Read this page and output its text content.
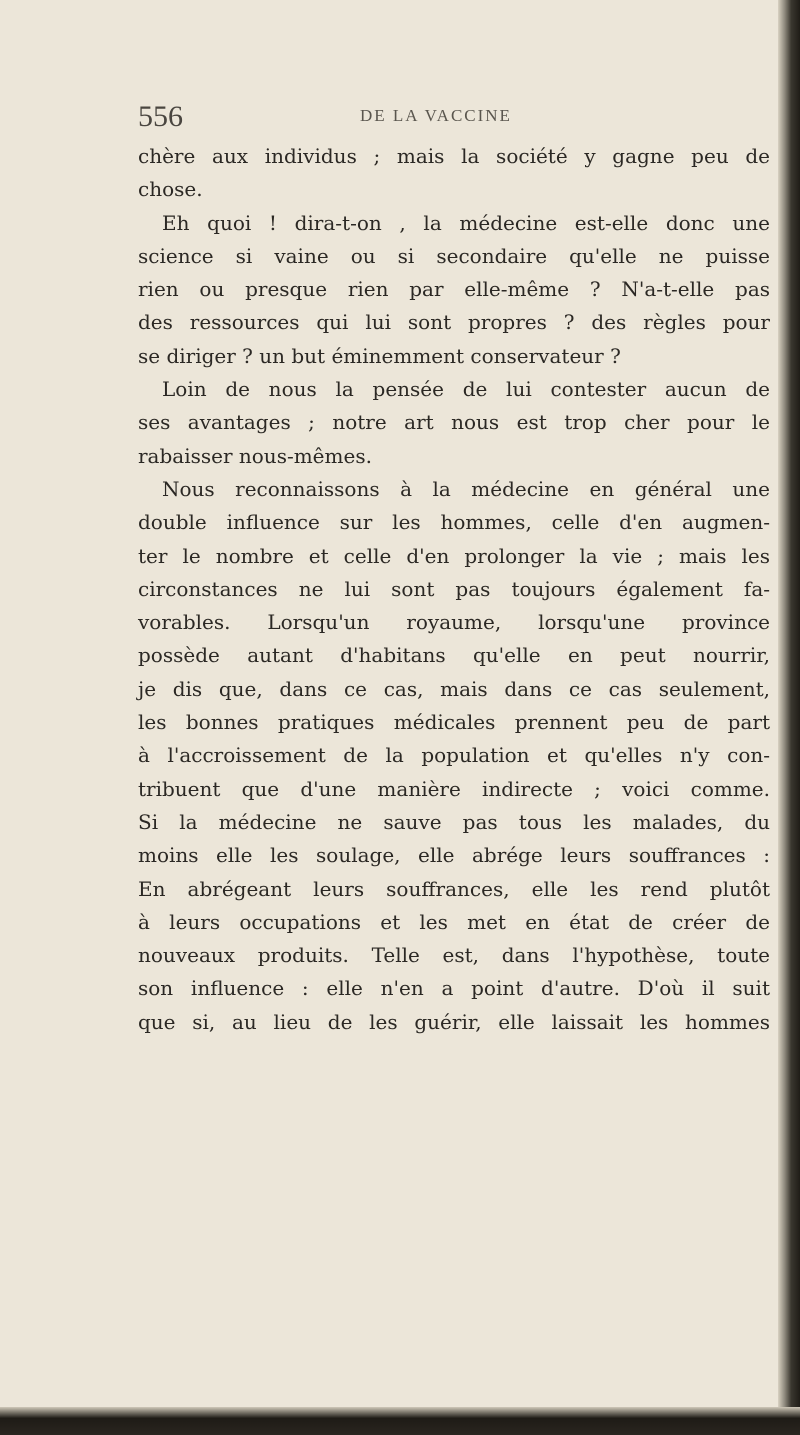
556	DE LA VACCINE
chère aux individus ; mais la société y gagne peu de
chose.
Eh quoi ! dira-t-on , la médecine est-elle donc une
science si vaine ou si secondaire qu'elle ne puisse
rien ou presque rien par elle-même ? N'a-t-elle pas
des ressources qui lui sont propres ? des règles pour
se diriger ? un but éminemment conservateur ?
Loin de nous la pensée de lui contester aucun de
ses avantages ; notre art nous est trop cher pour le
rabaisser nous-mêmes.
Nous reconnaissons à la médecine en général une
double influence sur les hommes, celle d'en augmen-
ter le nombre et celle d'en prolonger la vie ; mais les
circonstances ne lui sont pas toujours également fa-
vorables. Lorsqu'un royaume, lorsqu'une province
possède autant d'habitans qu'elle en peut nourrir,
je dis que, dans ce cas, mais dans ce cas seulement,
les bonnes pratiques médicales prennent peu de part
à l'accroissement de la population et qu'elles n'y con-
tribuent que d'une manière indirecte ; voici comme.
Si la médecine ne sauve pas tous les malades, du
moins elle les soulage, elle abrége leurs souffrances :
En abrégeant leurs souffrances, elle les rend plutôt
à leurs occupations et les met en état de créer de
nouveaux produits. Telle est, dans l'hypothèse, toute
son influence : elle n'en a point d'autre. D'où il suit
que si, au lieu de les guérir, elle laissait les hommes
